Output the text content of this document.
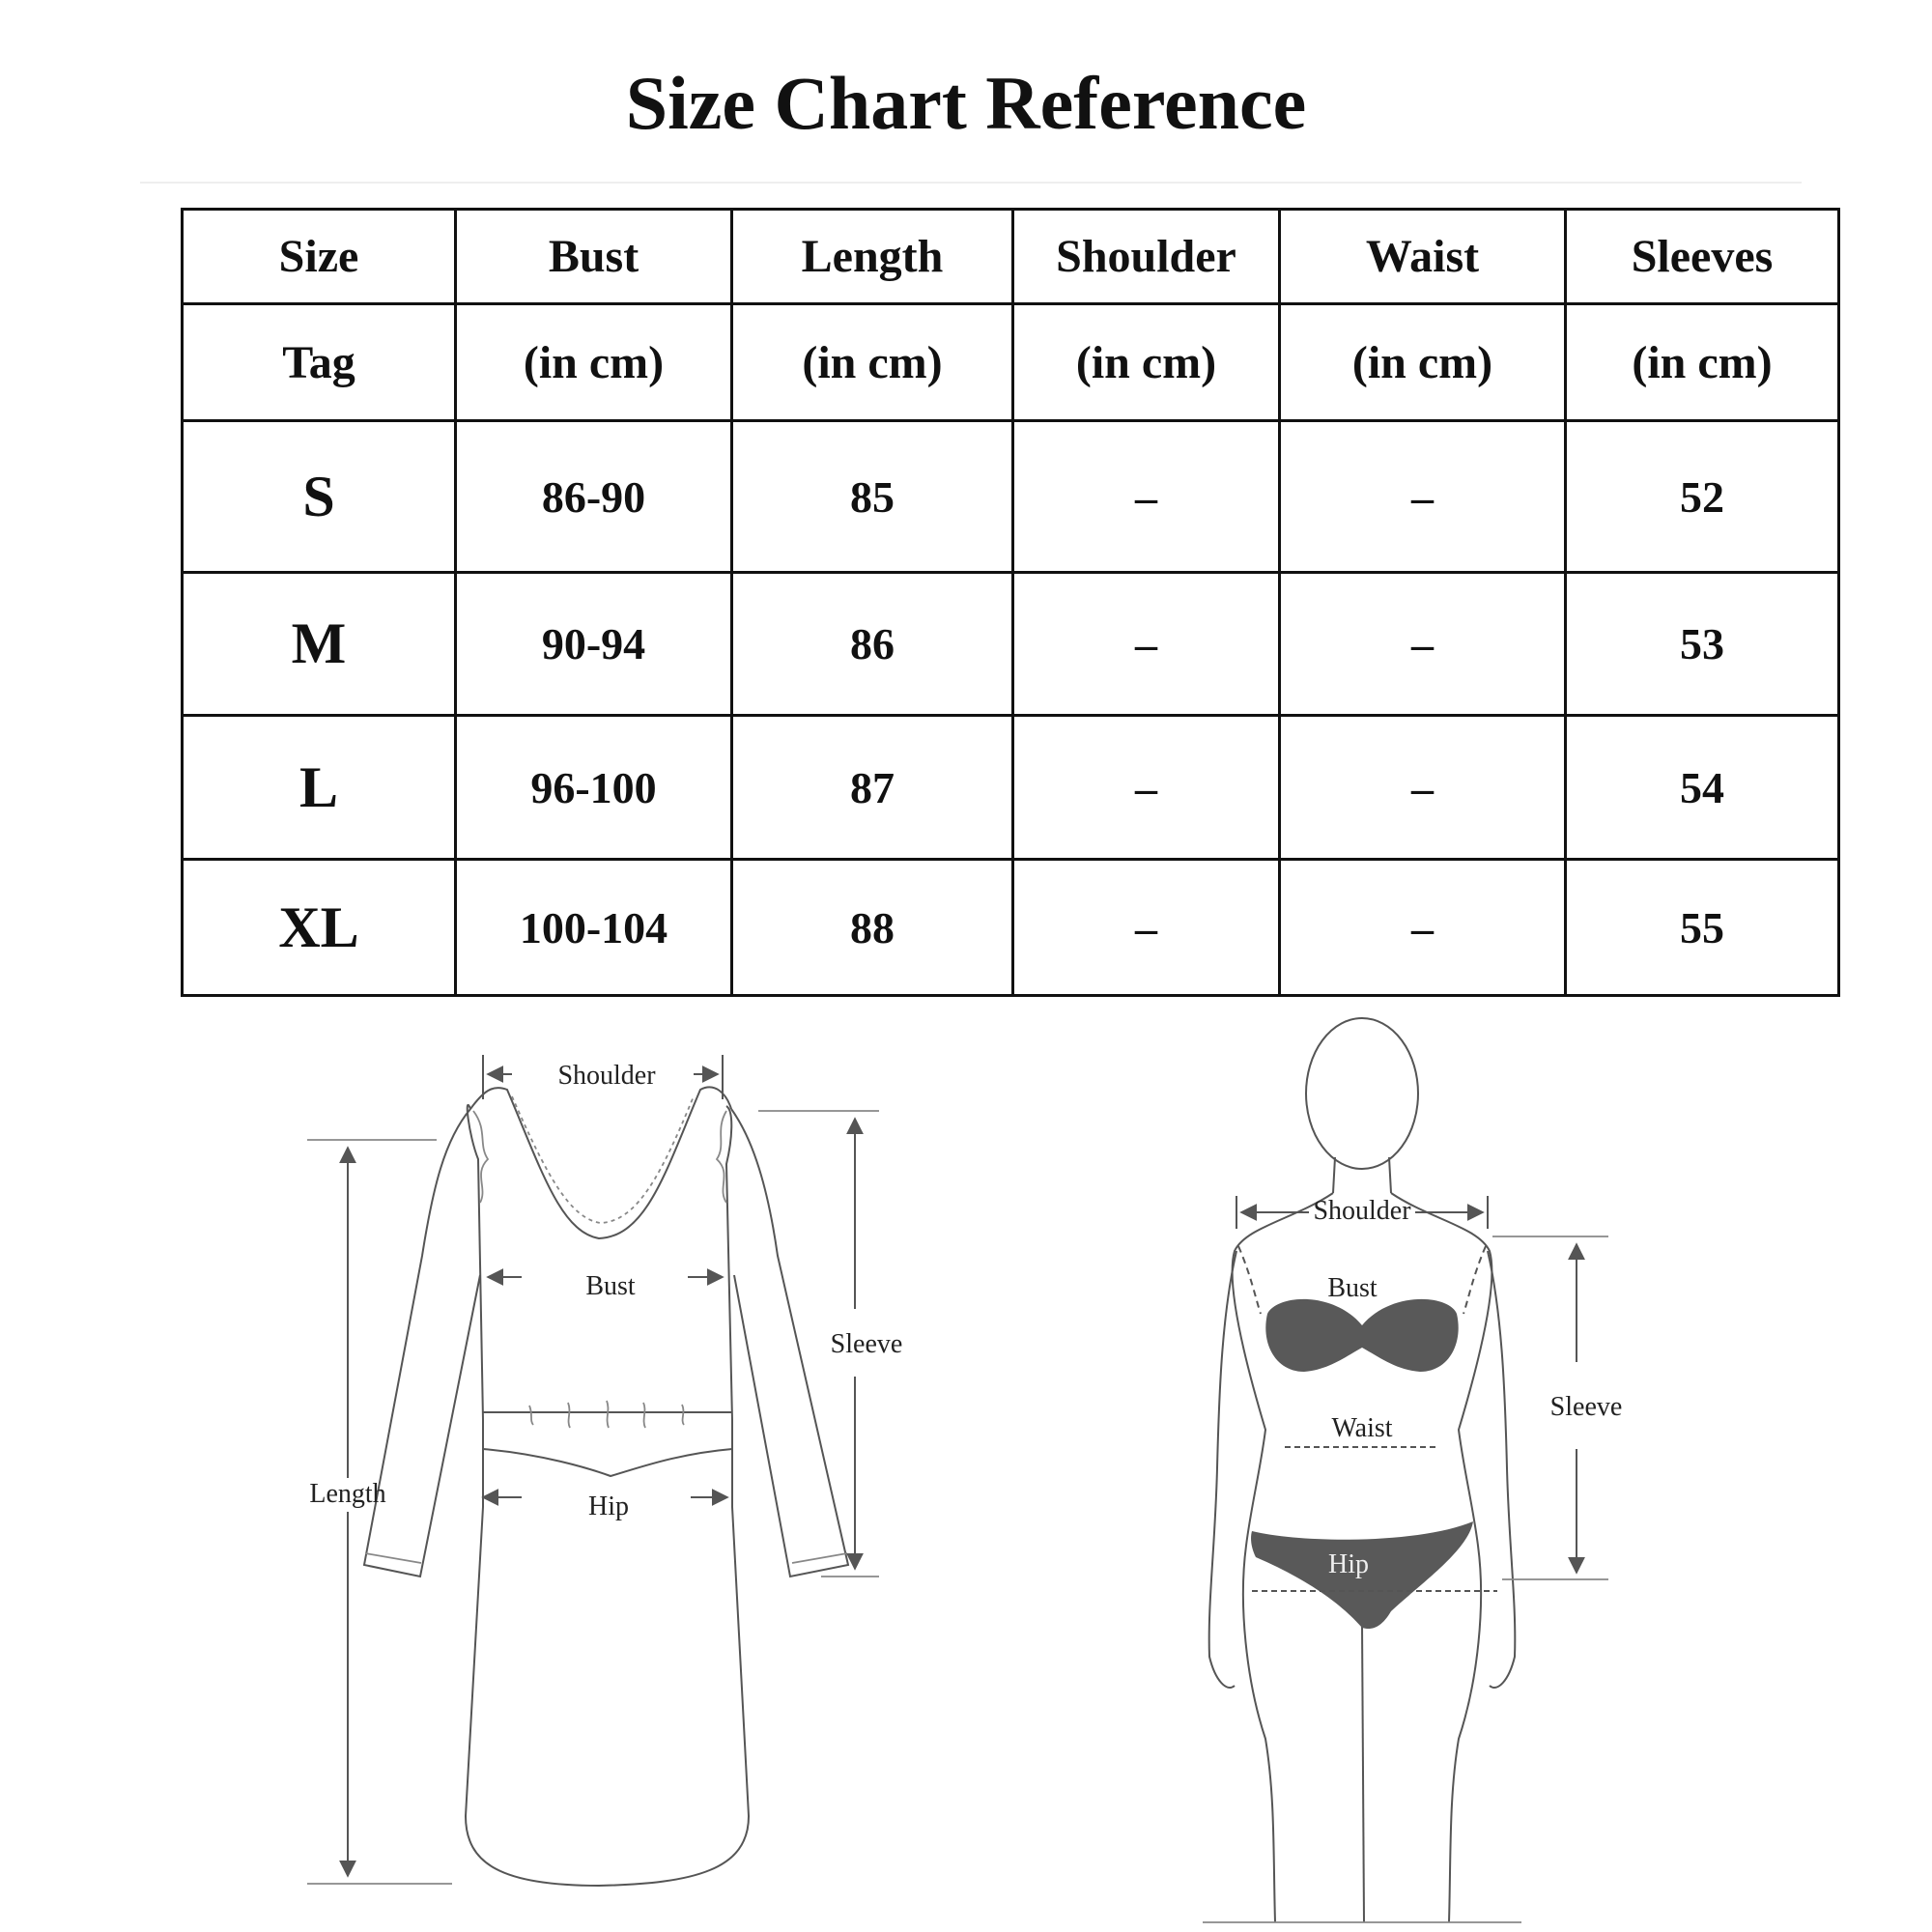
Size Chart Reference
Size	Bust	Length	Shoulder	Waist	Sleeves
Tag	(in cm)	(in cm)	(in cm)	(in cm)	(in cm)
S	86-90	85	–	–	52
M	90-94	86	–	–	53
L	96-100	87	–	–	54
XL	100-104	88	–	–	55
Shoulder
Bust
Hip
Length
Sleeve
Shoulder
Bust
Waist
Hip
Sleeve
